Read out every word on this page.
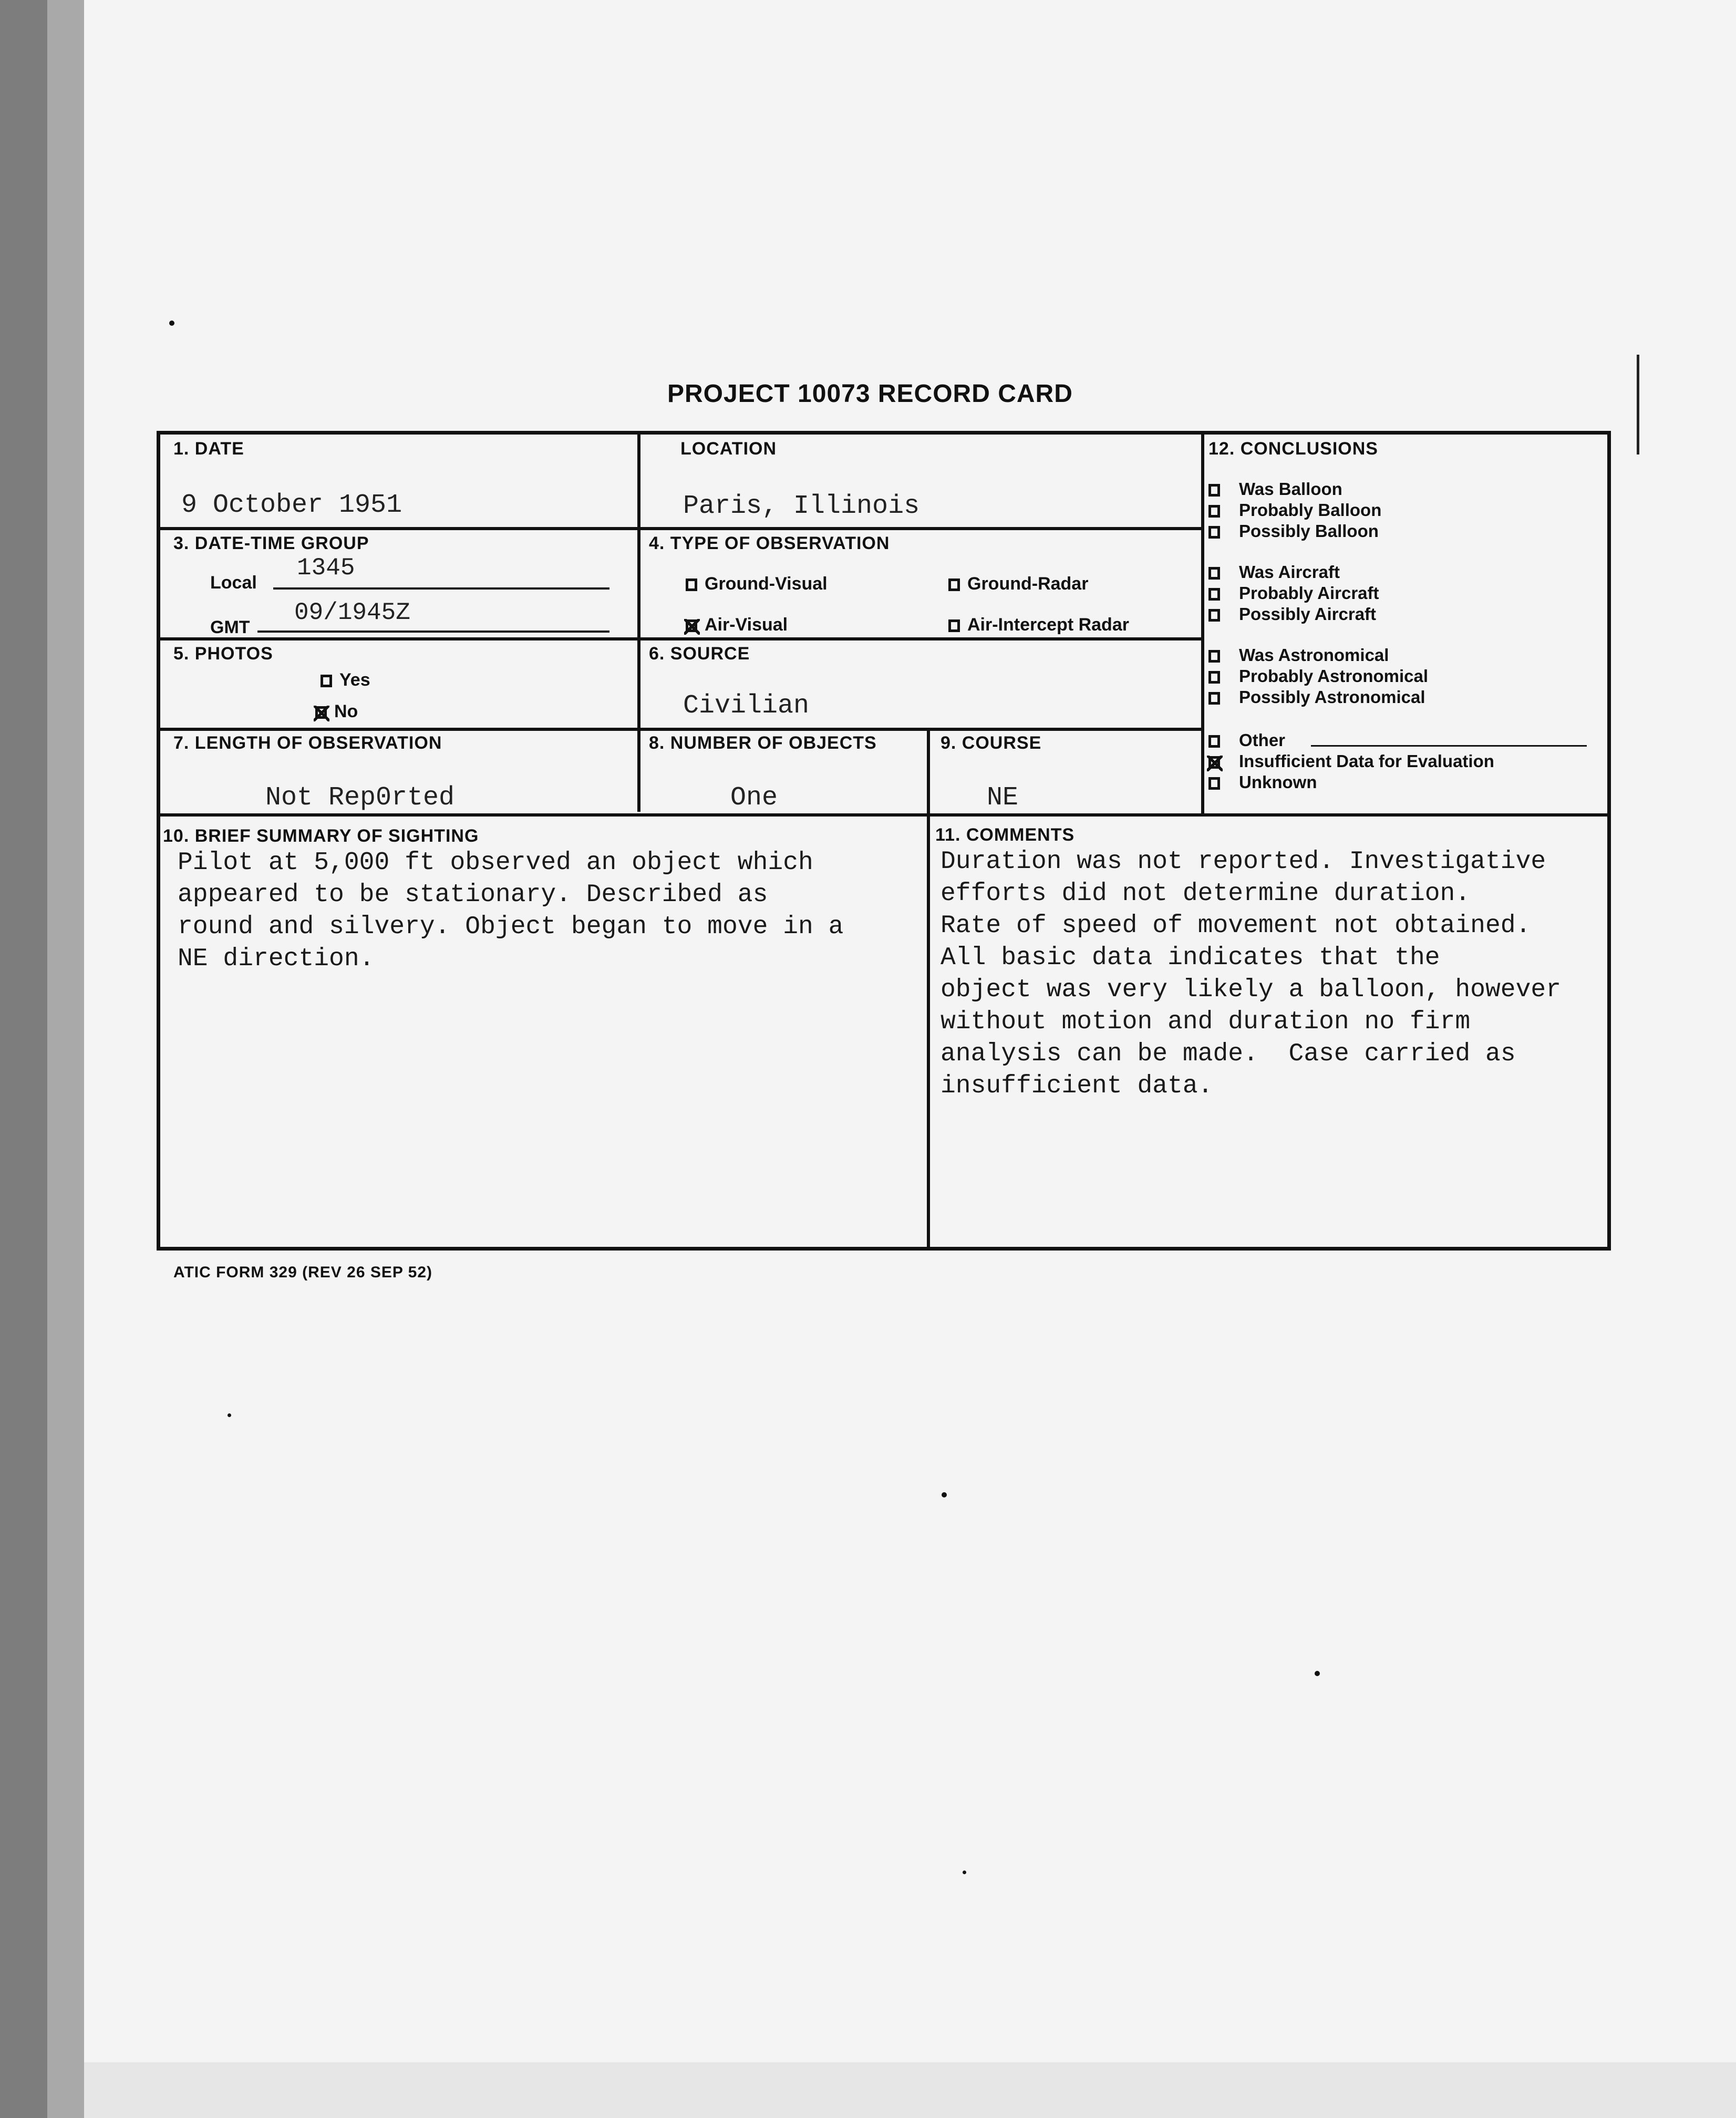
PROJECT 10073 RECORD CARD
1. DATE
9 October 1951
LOCATION
Paris, Illinois
3. DATE-TIME GROUP
Local
1345
GMT
09/1945Z
4. TYPE OF OBSERVATION
Ground-Visual	Ground-Radar
Air-Visual	Air-Intercept Radar
5. PHOTOS
Yes
No
6. SOURCE
Civilian
7. LENGTH OF OBSERVATION
Not Rep0rted
8. NUMBER OF OBJECTS
One
9. COURSE
NE
12. CONCLUSIONS
Was Balloon
Probably Balloon
Possibly Balloon
Was Aircraft
Probably Aircraft
Possibly Aircraft
Was Astronomical
Probably Astronomical
Possibly Astronomical
Other
Insufficient Data for Evaluation
Unknown
10. BRIEF SUMMARY OF SIGHTING
Pilot at 5,000 ft observed an object which
appeared to be stationary. Described as
round and silvery. Object began to move in a
NE direction.
11. COMMENTS
Duration was not reported. Investigative
efforts did not determine duration.
Rate of speed of movement not obtained.
All basic data indicates that the
object was very likely a balloon, however
without motion and duration no firm
analysis can be made.  Case carried as
insufficient data.
ATIC FORM 329 (REV 26 SEP 52)
